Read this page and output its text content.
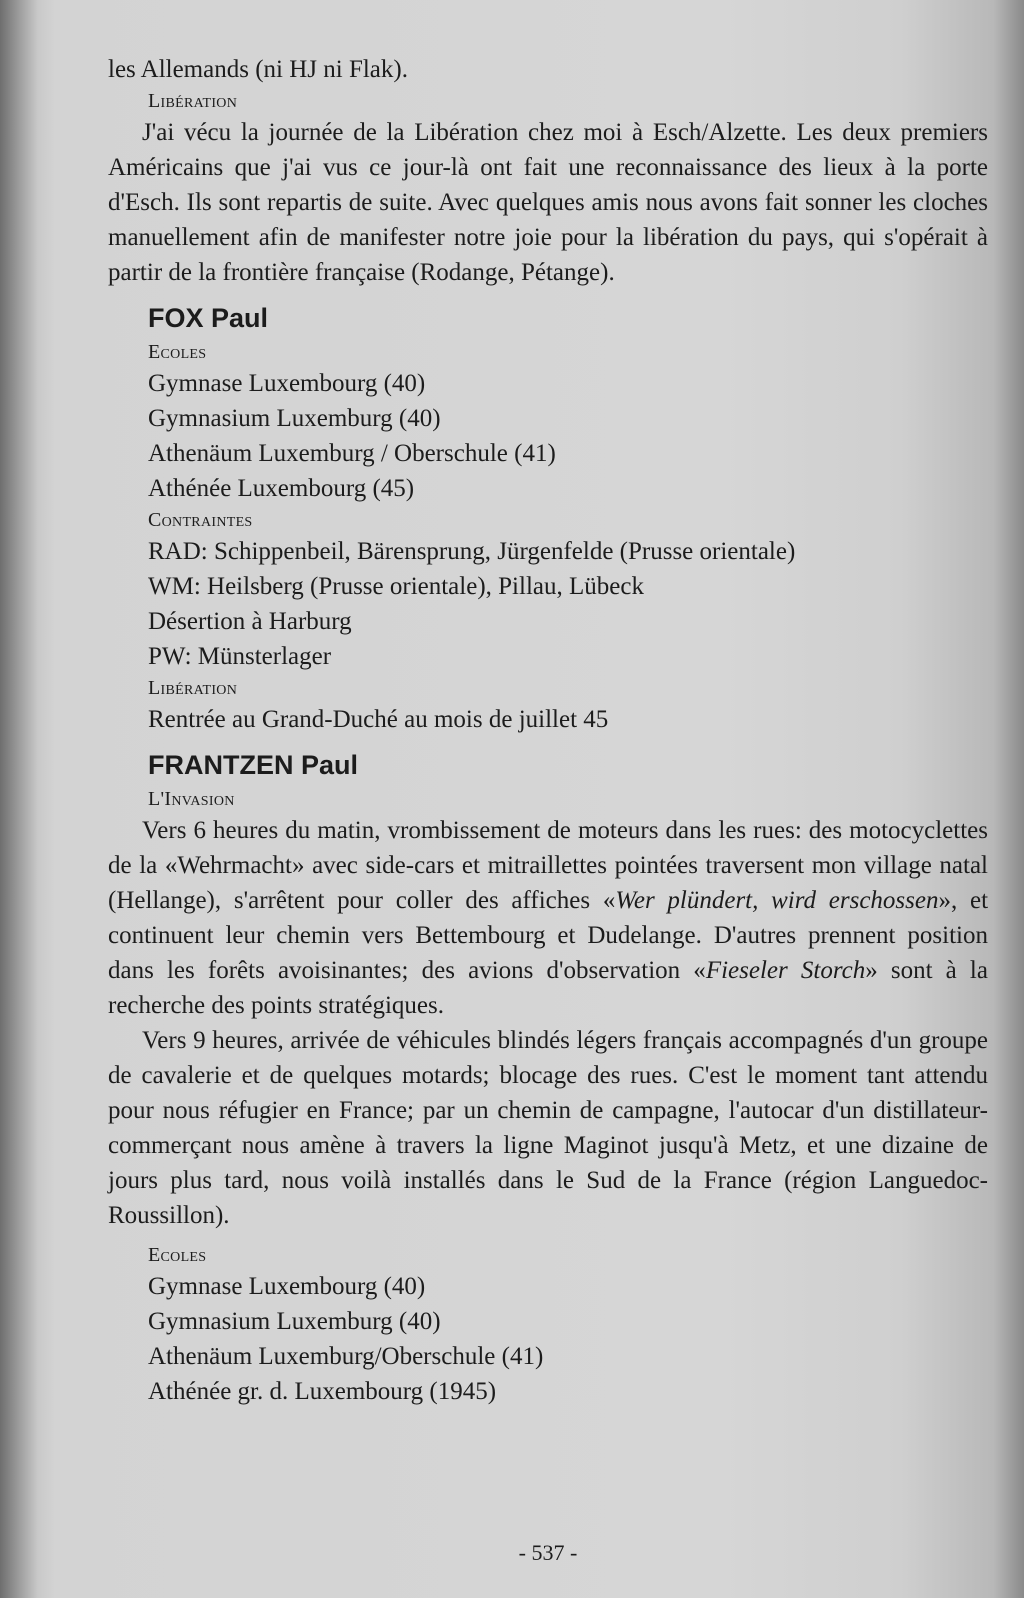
les Allemands (ni HJ ni Flak).

Libération

J'ai vécu la journée de la Libération chez moi à Esch/Alzette. Les deux premiers Américains que j'ai vus ce jour-là ont fait une reconnaissance des lieux à la porte d'Esch. Ils sont repartis de suite. Avec quelques amis nous avons fait sonner les cloches manuellement afin de manifester notre joie pour la libération du pays, qui s'opérait à partir de la frontière française (Rodange, Pétange).

FOX Paul
Ecoles

Gymnase Luxembourg (40)

Gymnasium Luxemburg (40)

Athenäum Luxemburg / Oberschule (41)

Athénée Luxembourg (45)

Contraintes

RAD: Schippenbeil, Bärensprung, Jürgenfelde (Prusse orientale)

WM: Heilsberg (Prusse orientale), Pillau, Lübeck

Désertion à Harburg

PW: Münsterlager

Libération

Rentrée au Grand-Duché au mois de juillet 45

FRANTZEN Paul
L'Invasion

Vers 6 heures du matin, vrombissement de moteurs dans les rues: des motocyclettes de la «Wehrmacht» avec side-cars et mitraillettes pointées traversent mon village natal (Hellange), s'arrêtent pour coller des affiches «Wer plündert, wird erschossen», et continuent leur chemin vers Bettembourg et Dudelange. D'autres prennent position dans les forêts avoisinantes; des avions d'observation «Fieseler Storch» sont à la recherche des points stratégiques.

Vers 9 heures, arrivée de véhicules blindés légers français accompagnés d'un groupe de cavalerie et de quelques motards; blocage des rues. C'est le moment tant attendu pour nous réfugier en France; par un chemin de campagne, l'autocar d'un distillateur-commerçant nous amène à travers la ligne Maginot jusqu'à Metz, et une dizaine de jours plus tard, nous voilà installés dans le Sud de la France (région Languedoc-Roussillon).

Ecoles

Gymnase Luxembourg (40)

Gymnasium Luxemburg (40)

Athenäum Luxemburg/Oberschule (41)

Athénée gr. d. Luxembourg (1945)

- 537 -
